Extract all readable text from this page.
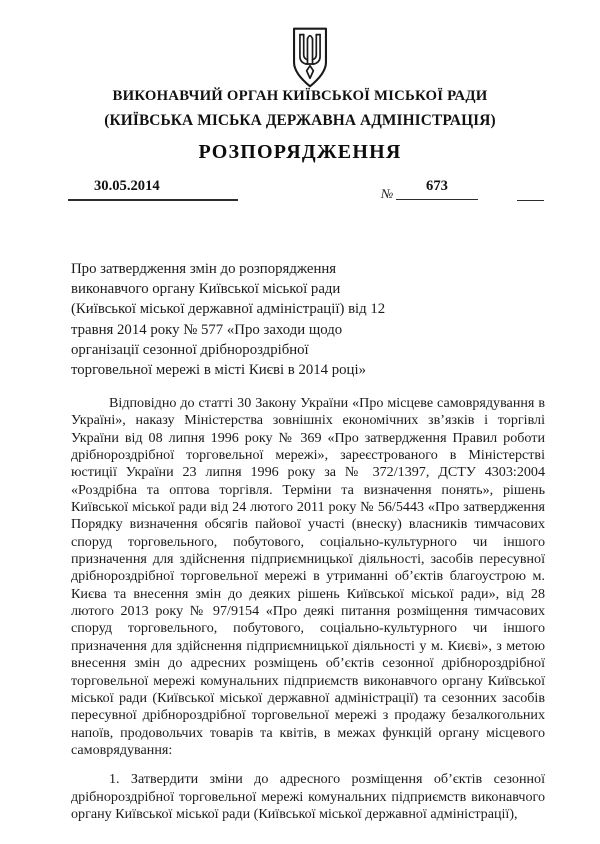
ВИКОНАВЧИЙ ОРГАН КИЇВСЬКОЇ МІСЬКОЇ РАДИ
(КИЇВСЬКА МІСЬКА ДЕРЖАВНА АДМІНІСТРАЦІЯ)
РОЗПОРЯДЖЕННЯ
30.05.2014	№	673
Про затвердження змін до розпорядження виконавчого органу Київської міської ради (Київської міської державної адміністрації) від 12 травня 2014 року № 577 «Про заходи щодо організації сезонної дрібнороздрібної торговельної мережі в місті Києві в 2014 році»

Відповідно до статті 30 Закону України «Про місцеве самоврядування в Україні», наказу Міністерства зовнішніх економічних зв’язків і торгівлі України від 08 липня 1996 року № 369 «Про затвердження Правил роботи дрібнороздрібної торговельної мережі», зареєстрованого в Міністерстві юстиції України 23 липня 1996 року за № 372/1397, ДСТУ 4303:2004 «Роздрібна та оптова торгівля. Терміни та визначення понять», рішень Київської міської ради від 24 лютого 2011 року № 56/5443 «Про затвердження Порядку визначення обсягів пайової участі (внеску) власників тимчасових споруд торговельного, побутового, соціально-культурного чи іншого призначення для здійснення підприємницької діяльності, засобів пересувної дрібнороздрібної торговельної мережі в утриманні об’єктів благоустрою м. Києва та внесення змін до деяких рішень Київської міської ради», від 28 лютого 2013 року № 97/9154 «Про деякі питання розміщення тимчасових споруд торговельного, побутового, соціально-культурного чи іншого призначення для здійснення підприємницької діяльності у м. Києві», з метою внесення змін до адресних розміщень об’єктів сезонної дрібнороздрібної торговельної мережі комунальних підприємств виконавчого органу Київської міської ради (Київської міської державної адміністрації) та сезонних засобів пересувної дрібнороздрібної торговельної мережі з продажу безалкогольних напоїв, продовольчих товарів та квітів, в межах функцій органу місцевого самоврядування:

1. Затвердити зміни до адресного розміщення об’єктів сезонної дрібнороздрібної торговельної мережі комунальних підприємств виконавчого органу Київської міської ради (Київської міської державної адміністрації),
